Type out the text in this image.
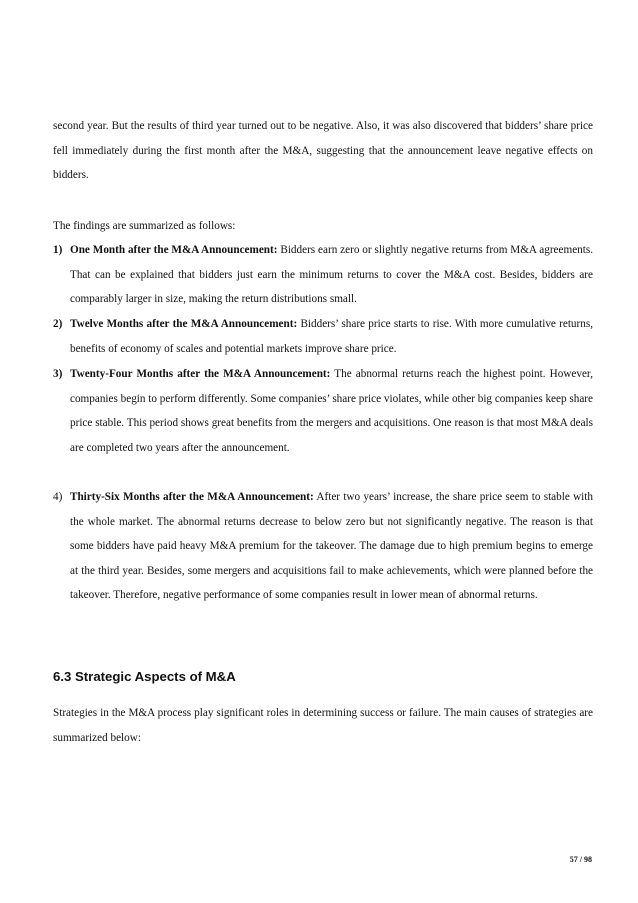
second year. But the results of third year turned out to be negative. Also, it was also discovered that bidders’ share price fell immediately during the first month after the M&A, suggesting that the announcement leave negative effects on bidders.
The findings are summarized as follows:
1) One Month after the M&A Announcement: Bidders earn zero or slightly negative returns from M&A agreements. That can be explained that bidders just earn the minimum returns to cover the M&A cost. Besides, bidders are comparably larger in size, making the return distributions small.
2) Twelve Months after the M&A Announcement: Bidders’ share price starts to rise. With more cumulative returns, benefits of economy of scales and potential markets improve share price.
3) Twenty-Four Months after the M&A Announcement: The abnormal returns reach the highest point. However, companies begin to perform differently. Some companies’ share price violates, while other big companies keep share price stable. This period shows great benefits from the mergers and acquisitions. One reason is that most M&A deals are completed two years after the announcement.
4) Thirty-Six Months after the M&A Announcement: After two years’ increase, the share price seem to stable with the whole market. The abnormal returns decrease to below zero but not significantly negative. The reason is that some bidders have paid heavy M&A premium for the takeover. The damage due to high premium begins to emerge at the third year. Besides, some mergers and acquisitions fail to make achievements, which were planned before the takeover. Therefore, negative performance of some companies result in lower mean of abnormal returns.
6.3 Strategic Aspects of M&A
Strategies in the M&A process play significant roles in determining success or failure. The main causes of strategies are summarized below:
57 / 98
